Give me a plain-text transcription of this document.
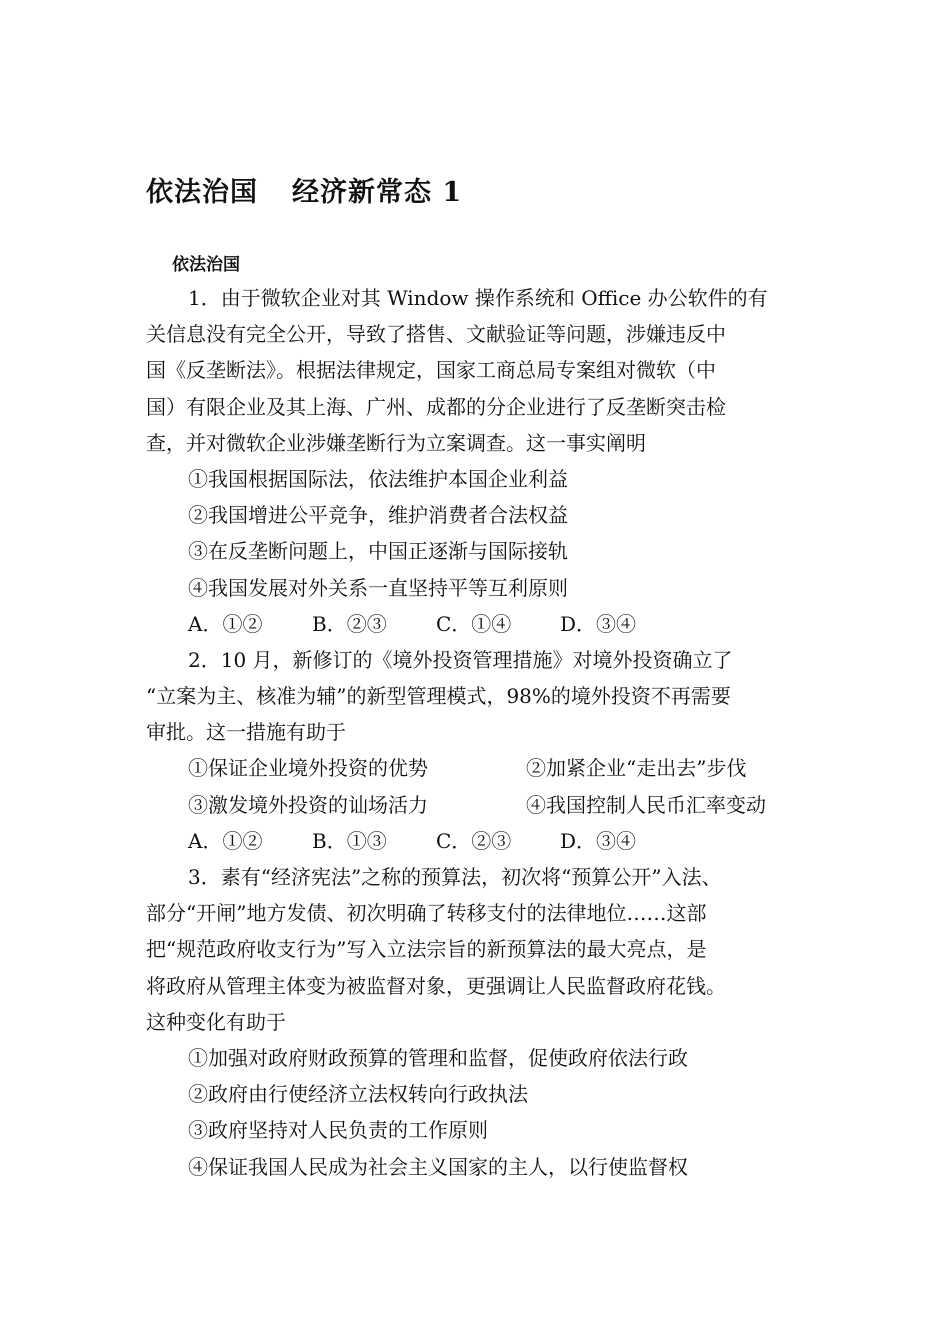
依法治国 经济新常态 1
依法治国
1．由于微软企业对其 Window 操作系统和 Office 办公软件的有
关信息没有完全公开，导致了搭售、文献验证等问题，涉嫌违反中
国《反垄断法》。根据法律规定，国家工商总局专案组对微软（中
国）有限企业及其上海、广州、成都的分企业进行了反垄断突击检
查，并对微软企业涉嫌垄断行为立案调查。这一事实阐明
①我国根据国际法，依法维护本国企业利益
②我国增进公平竞争，维护消费者合法权益
③在反垄断问题上，中国正逐渐与国际接轨
④我国发展对外关系一直坚持平等互利原则
A．①② B．②③ C．①④ D．③④
2．10 月，新修订的《境外投资管理措施》对境外投资确立了
“立案为主、核准为辅”的新型管理模式，98%的境外投资不再需要
审批。这一措施有助于
①保证企业境外投资的优势	②加紧企业“走出去”步伐
③激发境外投资的讪场活力	④我国控制人民币汇率变动
A．①② B．①③ C．②③ D．③④
3．素有“经济宪法”之称的预算法，初次将“预算公开”入法、
部分“开闸”地方发债、初次明确了转移支付的法律地位……这部
把“规范政府收支行为”写入立法宗旨的新预算法的最大亮点，是
将政府从管理主体变为被监督对象，更强调让人民监督政府花钱。
这种变化有助于
①加强对政府财政预算的管理和监督，促使政府依法行政
②政府由行使经济立法权转向行政执法
③政府坚持对人民负责的工作原则
④保证我国人民成为社会主义国家的主人，以行使监督权
